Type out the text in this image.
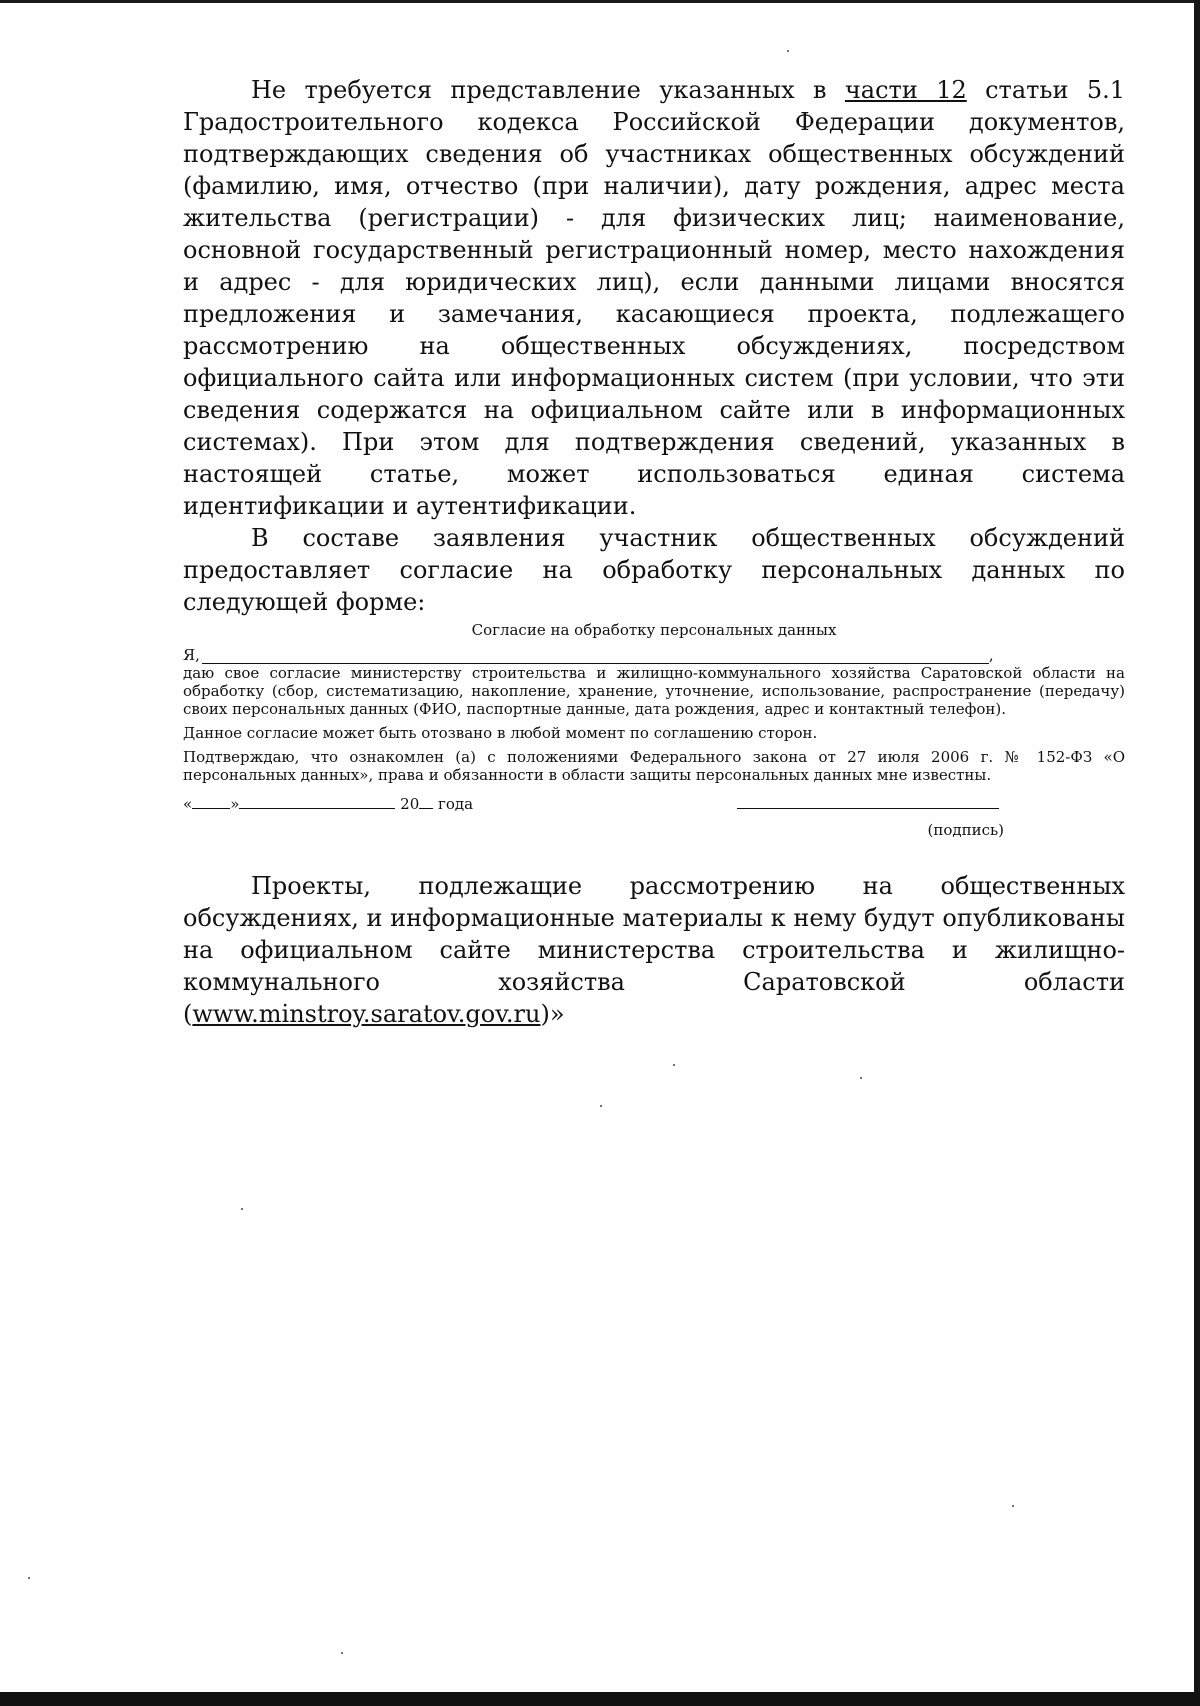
Не требуется представление указанных в части 12 статьи 5.1 Градостроительного кодекса Российской Федерации документов, подтверждающих сведения об участниках общественных обсуждений (фамилию, имя, отчество (при наличии), дату рождения, адрес места жительства (регистрации) - для физических лиц; наименование, основной государственный регистрационный номер, место нахождения и адрес - для юридических лиц), если данными лицами вносятся предложения и замечания, касающиеся проекта, подлежащего рассмотрению на общественных обсуждениях, посредством официального сайта или информационных систем (при условии, что эти сведения содержатся на официальном сайте или в информационных системах). При этом для подтверждения сведений, указанных в настоящей статье, может использоваться единая система идентификации и аутентификации.

В составе заявления участник общественных обсуждений предоставляет согласие на обработку персональных данных по следующей форме:

Согласие на обработку персональных данных

Я,	,

даю свое согласие министерству строительства и жилищно-коммунального хозяйства Саратовской области на обработку (сбор, систематизацию, накопление, хранение, уточнение, использование, распространение (передачу) своих персональных данных (ФИО, паспортные данные, дата рождения, адрес и контактный телефон).

Данное согласие может быть отозвано в любой момент по соглашению сторон.

Подтверждаю, что ознакомлен (а) с положениями Федерального закона от 27 июля 2006 г. № 152-ФЗ «О персональных данных», права и обязанности в области защиты персональных данных мне известны.

«	»	20 года
(подпись)

Проекты, подлежащие рассмотрению на общественных обсуждениях, и информационные материалы к нему будут опубликованы на официальном сайте министерства строительства и жилищно-коммунального хозяйства Саратовской области (www.minstroy.saratov.gov.ru)»
